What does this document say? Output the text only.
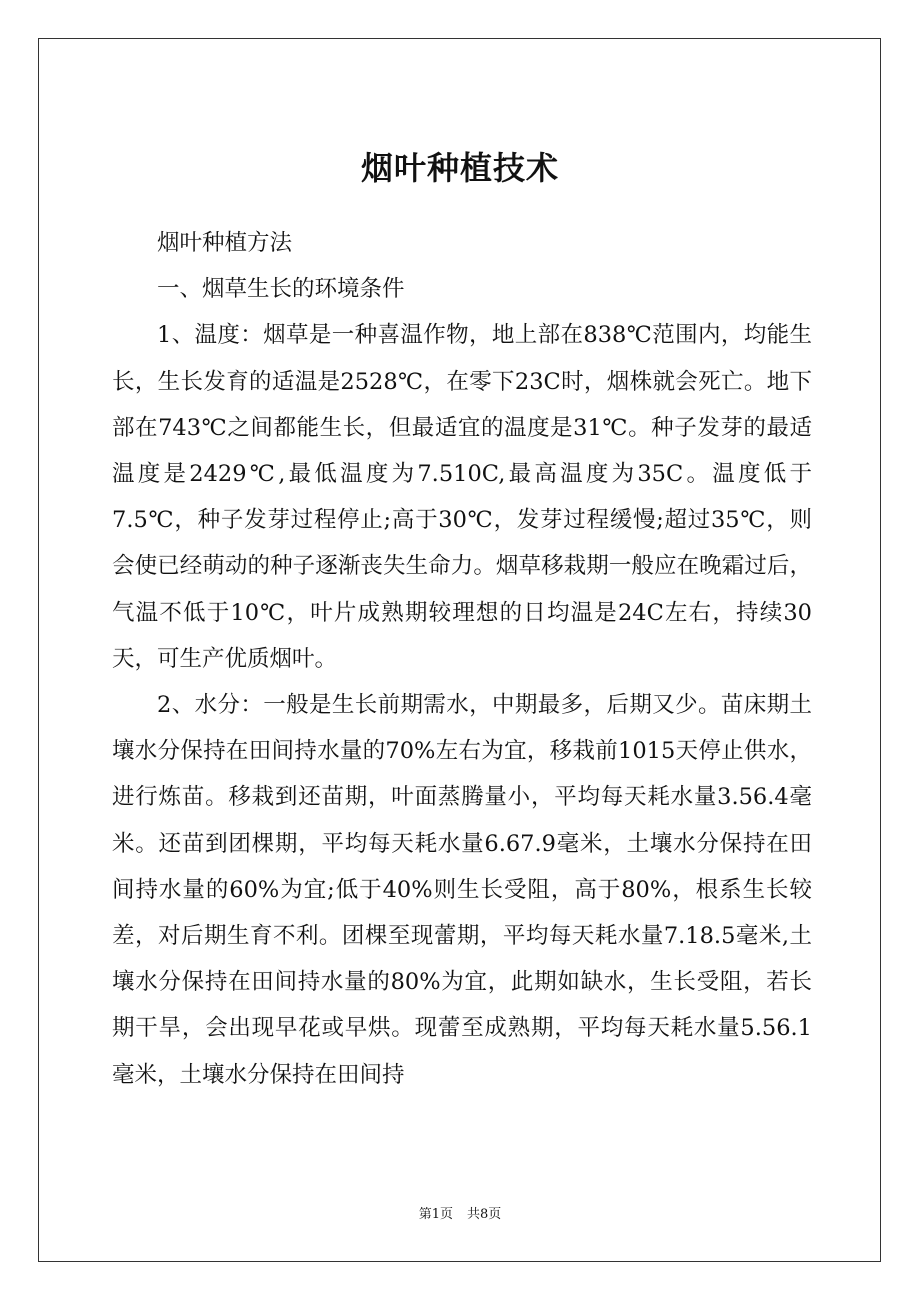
烟叶种植技术

烟叶种植方法

一、烟草生长的环境条件

1、温度：烟草是一种喜温作物，地上部在838℃范围内，均能生长，生长发育的适温是2528℃，在零下23C时，烟株就会死亡。地下部在743℃之间都能生长，但最适宜的温度是31℃。种子发芽的最适温度是2429℃,最低温度为7.510C,最高温度为35C。温度低于7.5℃，种子发芽过程停止;高于30℃，发芽过程缓慢;超过35℃，则会使已经萌动的种子逐渐丧失生命力。烟草移栽期一般应在晚霜过后，气温不低于10℃，叶片成熟期较理想的日均温是24C左右，持续30天，可生产优质烟叶。

2、水分：一般是生长前期需水，中期最多，后期又少。苗床期土壤水分保持在田间持水量的70%左右为宜，移栽前1015天停止供水，进行炼苗。移栽到还苗期，叶面蒸腾量小，平均每天耗水量3.56.4毫米。还苗到团棵期，平均每天耗水量6.67.9毫米，土壤水分保持在田间持水量的60%为宜;低于40%则生长受阻，高于80%，根系生长较差，对后期生育不利。团棵至现蕾期，平均每天耗水量7.18.5毫米,土壤水分保持在田间持水量的80%为宜，此期如缺水，生长受阻，若长期干旱，会出现早花或早烘。现蕾至成熟期，平均每天耗水量5.56.1毫米，土壤水分保持在田间持

第1页 共8页
